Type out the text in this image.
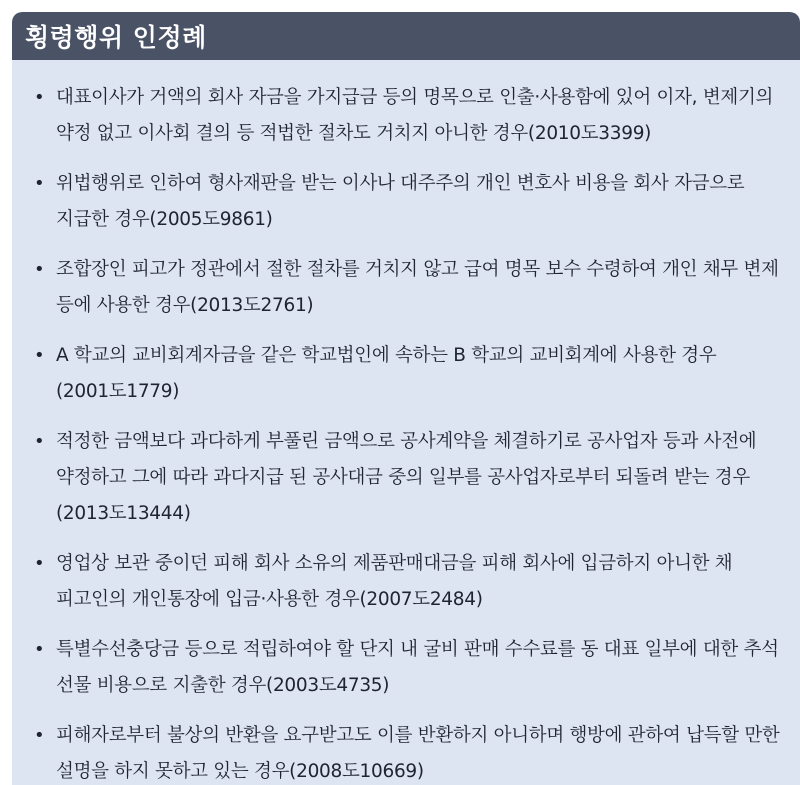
횡령행위 인정례
• 대표이사가 거액의 회사 자금을 가지급금 등의 명목으로 인출·사용함에 있어 이자, 변제기의 약정 없고 이사회 결의 등 적법한 절차도 거치지 아니한 경우(2010도3399)
• 위법행위로 인하여 형사재판을 받는 이사나 대주주의 개인 변호사 비용을 회사 자금으로 지급한 경우(2005도9861)
• 조합장인 피고가 정관에서 절한 절차를 거치지 않고 급여 명목 보수 수령하여 개인 채무 변제 등에 사용한 경우(2013도2761)
• A 학교의 교비회계자금을 같은 학교법인에 속하는 B 학교의 교비회계에 사용한 경우(2001도1779)
• 적정한 금액보다 과다하게 부풀린 금액으로 공사계약을 체결하기로 공사업자 등과 사전에 약정하고 그에 따라 과다지급 된 공사대금 중의 일부를 공사업자로부터 되돌려 받는 경우(2013도13444)
• 영업상 보관 중이던 피해 회사 소유의 제품판매대금을 피해 회사에 입금하지 아니한 채 피고인의 개인통장에 입금·사용한 경우(2007도2484)
• 특별수선충당금 등으로 적립하여야 할 단지 내 굴비 판매 수수료를 동 대표 일부에 대한 추석 선물 비용으로 지출한 경우(2003도4735)
• 피해자로부터 불상의 반환을 요구받고도 이를 반환하지 아니하며 행방에 관하여 납득할 만한 설명을 하지 못하고 있는 경우(2008도10669)
